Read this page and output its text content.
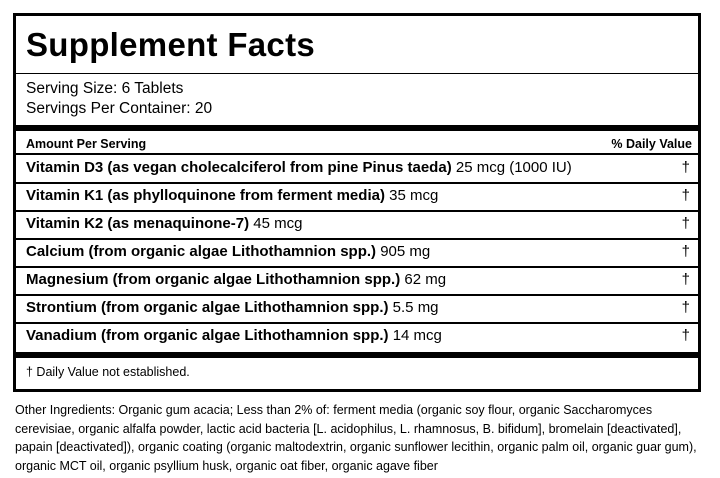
Supplement Facts
Serving Size: 6 Tablets
Servings Per Container: 20
Amount Per Serving	% Daily Value
Vitamin D3 (as vegan cholecalciferol from pine Pinus taeda) 25 mcg (1000 IU)	†
Vitamin K1 (as phylloquinone from ferment media) 35 mcg	†
Vitamin K2 (as menaquinone-7) 45 mcg	†
Calcium (from organic algae Lithothamnion spp.) 905 mg	†
Magnesium (from organic algae Lithothamnion spp.) 62 mg	†
Strontium (from organic algae Lithothamnion spp.) 5.5 mg	†
Vanadium (from organic algae Lithothamnion spp.) 14 mcg	†
† Daily Value not established.

Other Ingredients: Organic gum acacia; Less than 2% of: ferment media (organic soy flour, organic Saccharomyces cerevisiae, organic alfalfa powder, lactic acid bacteria [L. acidophilus, L. rhamnosus, B. bifidum], bromelain [deactivated], papain [deactivated]), organic coating (organic maltodextrin, organic sunflower lecithin, organic palm oil, organic guar gum), organic MCT oil, organic psyllium husk, organic oat fiber, organic agave fiber
